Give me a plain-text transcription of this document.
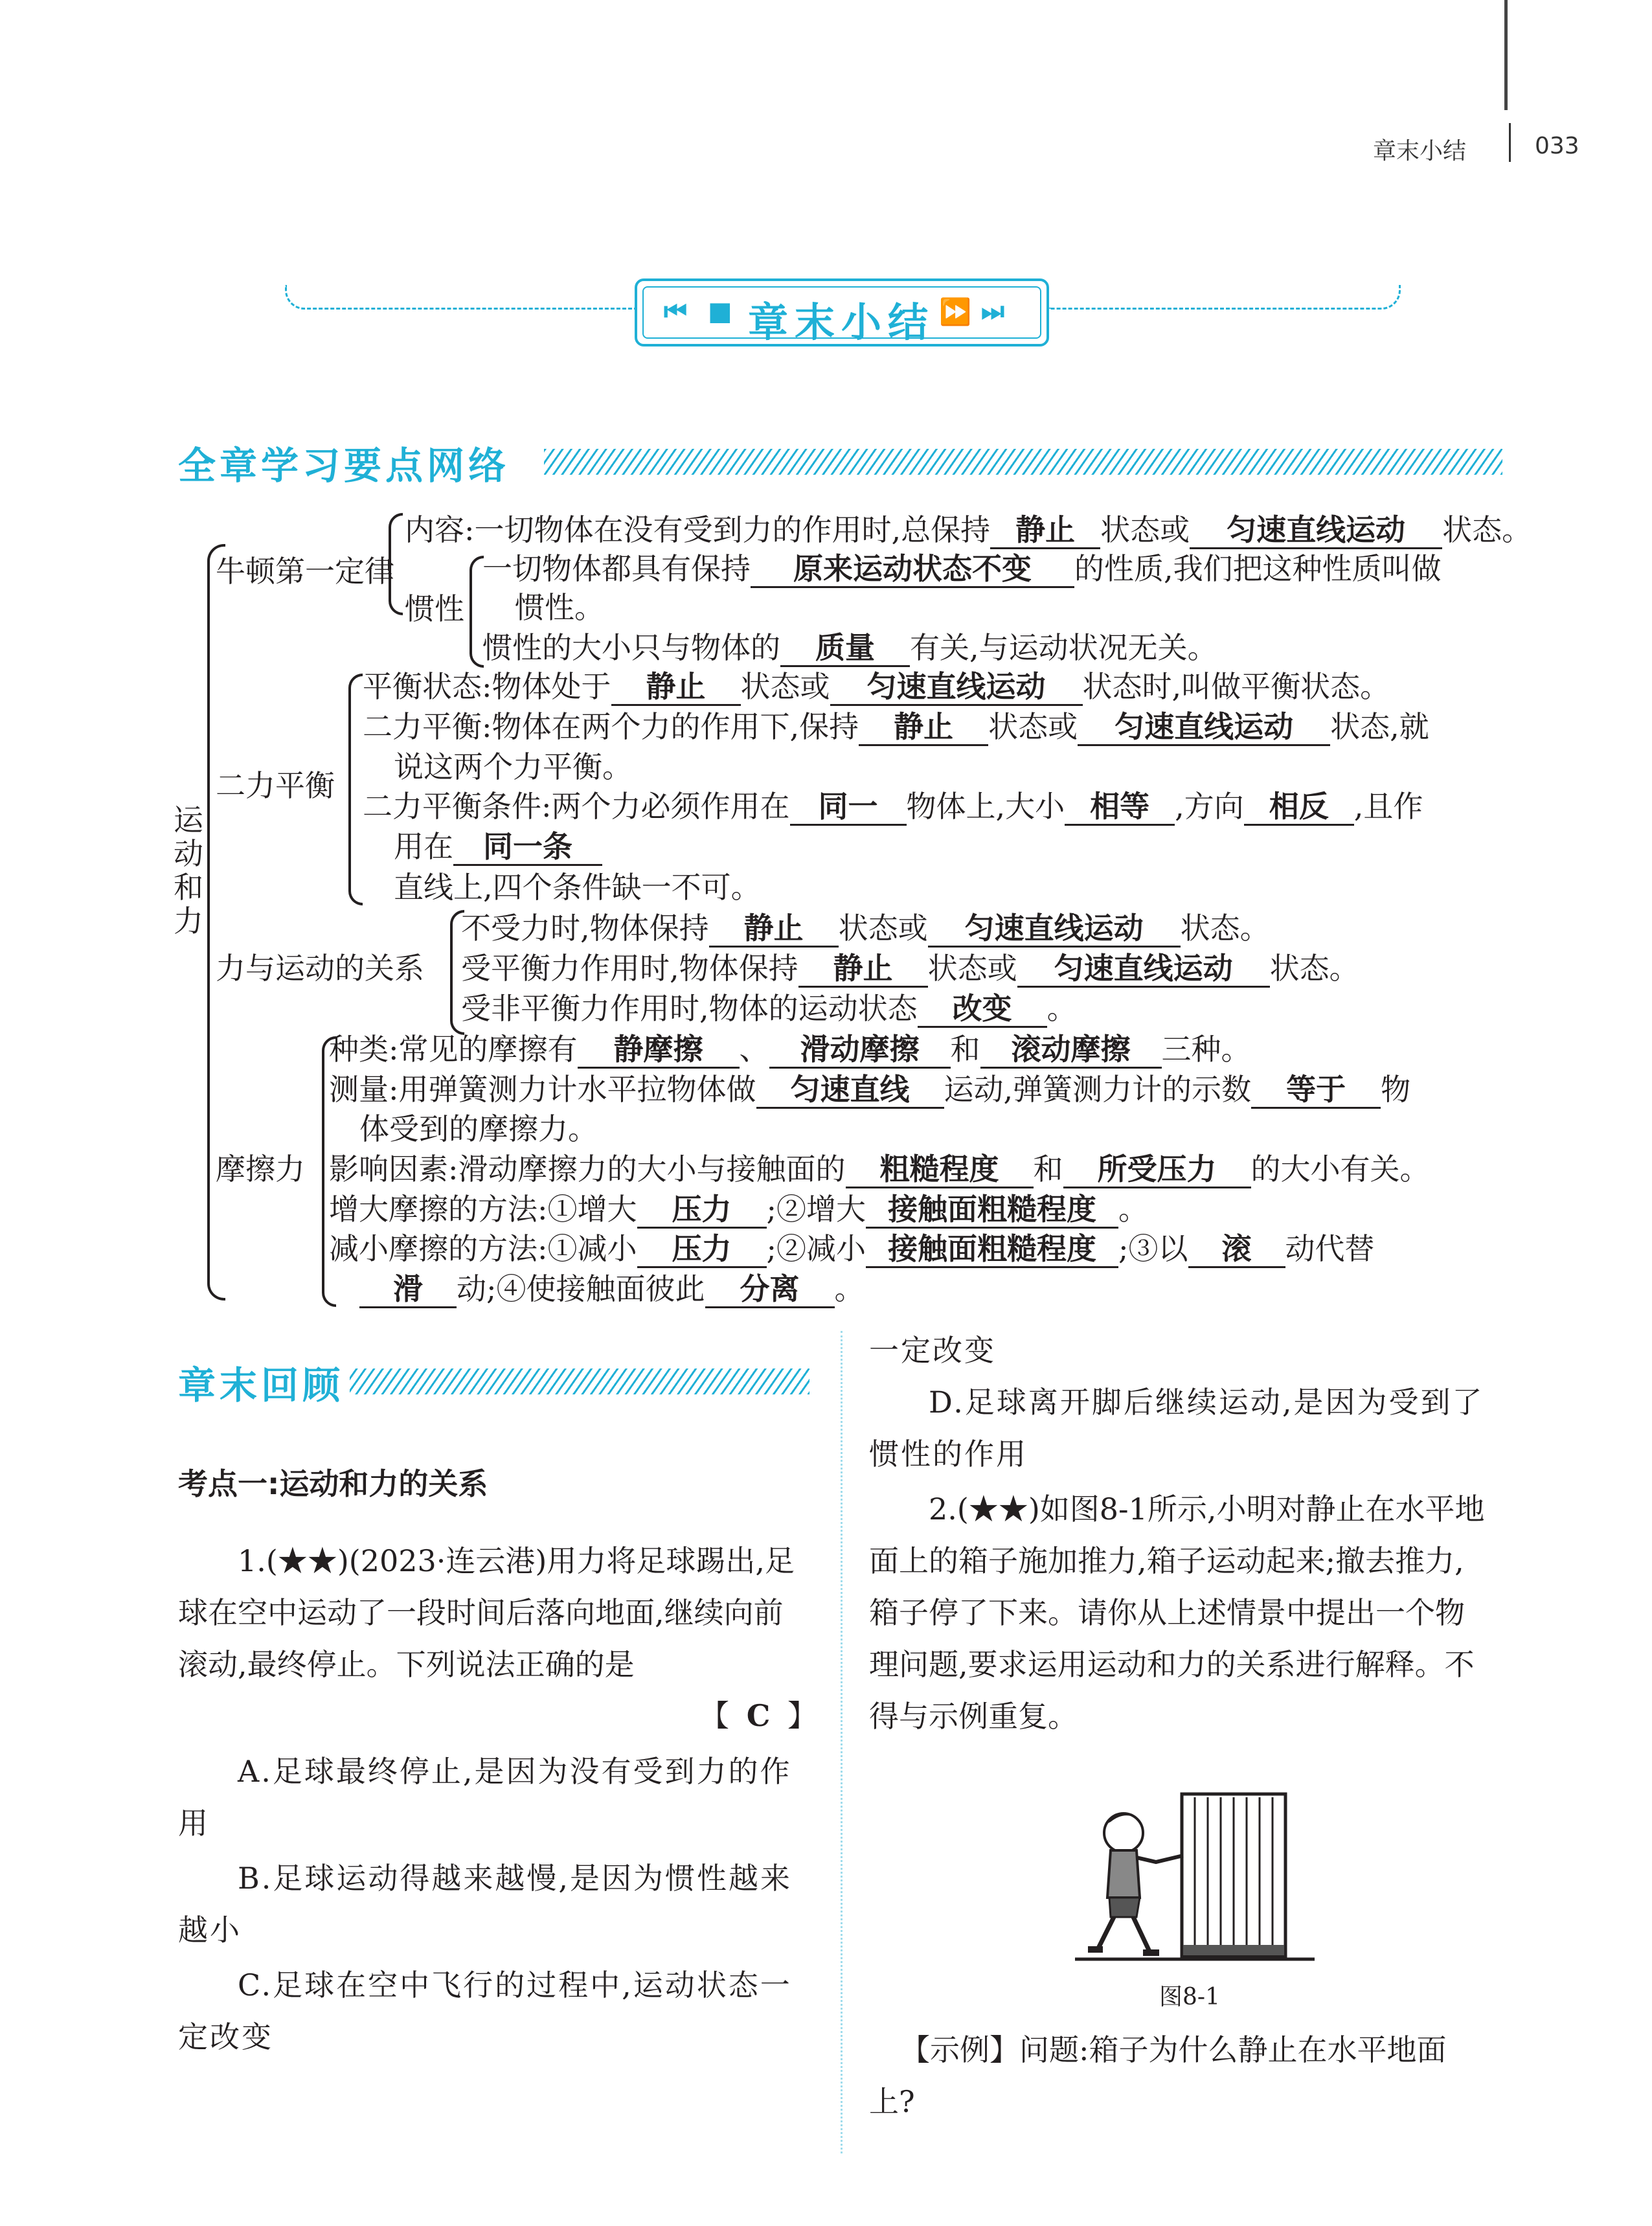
章末小结	033
⏮ ■ 章末小结 ⏩ ⏭
全章学习要点网络
运动和力
牛顿第一定律
惯性
内容:一切物体在没有受到力的作用时,总保持 静止 状态或 匀速直线运动 状态。
一切物体都具有保持 原来运动状态不变 的性质,我们把这种性质叫做
惯性。
惯性的大小只与物体的 质量 有关,与运动状况无关。
二力平衡
平衡状态:物体处于 静止 状态或 匀速直线运动 状态时,叫做平衡状态。
二力平衡:物体在两个力的作用下,保持 静止 状态或 匀速直线运动 状态,就
说这两个力平衡。
二力平衡条件:两个力必须作用在 同一 物体上,大小 相等 ,方向 相反 ,且作
用在 同一条
直线上,四个条件缺一不可。
力与运动的关系
不受力时,物体保持 静止 状态或 匀速直线运动 状态。
受平衡力作用时,物体保持 静止 状态或 匀速直线运动 状态。
受非平衡力作用时,物体的运动状态 改变 。
摩擦力
种类:常见的摩擦有 静摩擦 、 滑动摩擦 和 滚动摩擦 三种。
测量:用弹簧测力计水平拉物体做 匀速直线 运动,弹簧测力计的示数 等于 物
体受到的摩擦力。
影响因素:滑动摩擦力的大小与接触面的 粗糙程度 和 所受压力 的大小有关。
增大摩擦的方法:①增大 压力 ;②增大 接触面粗糙程度 。
减小摩擦的方法:①减小 压力 ;②减小 接触面粗糙程度 ;③以 滚 动代替
滑 动;④使接触面彼此 分离 。
章末回顾
考点一:运动和力的关系
1.(★★)(2023·连云港)用力将足球踢出,足球在空中运动了一段时间后落向地面,继续向前滚动,最终停止。下列说法正确的是
【 C 】
A.足球最终停止,是因为没有受到力的作用
B.足球运动得越来越慢,是因为惯性越来越小
C.足球在空中飞行的过程中,运动状态一定改变
一定改变
D.足球离开脚后继续运动,是因为受到了惯性的作用
2.(★★)如图8-1所示,小明对静止在水平地面上的箱子施加推力,箱子运动起来;撤去推力,箱子停了下来。请你从上述情景中提出一个物理问题,要求运用运动和力的关系进行解释。不得与示例重复。
图8-1
【示例】问题:箱子为什么静止在水平地面上?
